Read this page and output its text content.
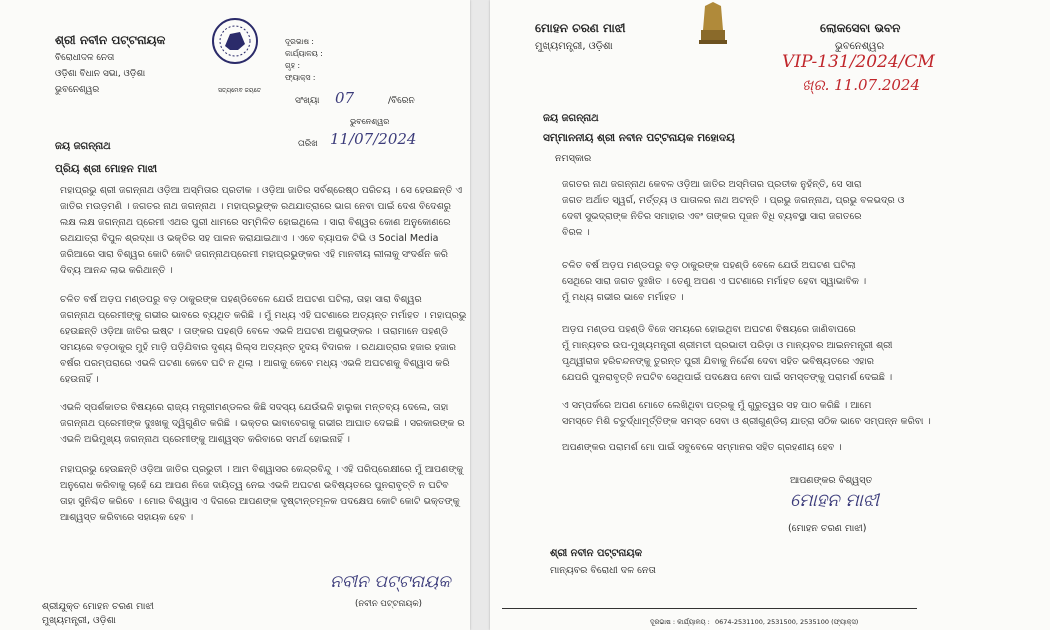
ଶ୍ରୀ ନବୀନ ପଟ୍ଟନାୟକ
ବିରୋଧୀଦଳ ନେତା
ଓଡ଼ିଶା ବିଧାନ ସଭା, ଓଡ଼ିଶା
ଭୁବନେଶ୍ୱର	ସତ୍ୟମେବ ଜୟତେ
ଦୂରଭାଷ :
କାର୍ଯ୍ୟାଳୟ :
ଗୃହ :
ଫ୍ୟାକ୍ସ :
ସଂଖ୍ୟା 07	/ବିରେନ
ଭୁବନେଶ୍ୱର
ତାରିଖ 11/07/2024
ଜୟ ଜଗନ୍ନାଥ
ପ୍ରିୟ ଶ୍ରୀ ମୋହନ ମାଝୀ
ମହାପ୍ରଭୁ ଶ୍ରୀ ଜଗନ୍ନାଥ ଓଡ଼ିଆ ଅସ୍ମିତାର ପ୍ରତୀକ । ଓଡ଼ିଆ ଜାତିର ସର୍ବଶ୍ରେଷ୍ଠ ପରିଚୟ । ସେ ହେଉଛନ୍ତି ଏ
ଜାତିର ମଉଡ଼ମଣି । ଜଗତର ନାଥ ଜଗନ୍ନାଥ । ମହାପ୍ରଭୁଙ୍କ ରଥଯାତ୍ରାରେ ଭାଗ ନେବା ପାଇଁ ଦେଶ ବିଦେଶରୁ
ଲକ୍ଷ ଲକ୍ଷ ଜଗନ୍ନାଥ ପ୍ରେମୀ ଏଥର ପୁରୀ ଧାମରେ ସମ୍ମିଳିତ ହୋଇଥିଲେ । ସାରା ବିଶ୍ୱର କୋଣ ଅନୁକୋଣରେ
ରଥଯାତ୍ରା ବିପୁଳ ଶ୍ରଦ୍ଧା ଓ ଭକ୍ତିର ସହ ପାଳନ କରାଯାଇଥାଏ । ଏବେ ବ୍ୟାପକ ଟିଭି ଓ Social Media
ଜରିଆରେ ସାରା ବିଶ୍ୱର କୋଟି କୋଟି ଜଗନ୍ନାଥପ୍ରେମୀ ମହାପ୍ରଭୁଙ୍କର ଏହି ମାନବୀୟ ଲୀଳାକୁ ସଂଦର୍ଶନ କରି
ଦିବ୍ୟ ଆନନ୍ଦ ଲାଭ କରିଥାନ୍ତି ।
ଚଳିତ ବର୍ଷ ଅଡ଼ପ ମଣ୍ଡପରୁ ବଡ଼ ଠାକୁରଙ୍କ ପହଣ୍ଡିବେଳେ ଯେଉଁ ଅଘଟଣ ଘଟିଲା, ତାହା ସାରା ବିଶ୍ୱର
ଜଗନ୍ନାଥ ପ୍ରେମୀଙ୍କୁ ଗଭୀର ଭାବରେ ବ୍ୟଥିତ କରିଛି । ମୁଁ ମଧ୍ୟ ଏହି ଘଟଣାରେ ଅତ୍ୟନ୍ତ ମର୍ମାହତ । ମହାପ୍ରଭୁ
ହେଉଛନ୍ତି ଓଡ଼ିଆ ଜାତିର ଇଷ୍ଟ । ତାଙ୍କର ପହଣ୍ଡି ବେଳେ ଏଭଳି ଅଘଟଣ ଅଶୁଭଙ୍କର । ତାରାମାନେ ପହଣ୍ଡି
ସମୟରେ ବଡ଼ଠାକୁର ମୁହଁ ମାଡ଼ି ପଡ଼ିଯିବାର ଦୃଶ୍ୟ ରିଲ୍ସ ଅତ୍ୟନ୍ତ ହୃଦୟ ବିଦାରକ । ରଥଯାତ୍ରାର ହଜାର ହଜାର
ବର୍ଷର ପରମ୍ପରାରେ ଏଭଳି ଘଟଣା କେବେ ଘଟି ନ ଥିଲା । ଆଗକୁ କେବେ ମଧ୍ୟ ଏଭଳି ଅଘଟଣକୁ ବିଶ୍ୱାସ କରି
ହେଉନାହିଁ ।
ଏଭଳି ସ୍ପର୍ଶକାତର ବିଷୟରେ ରାଜ୍ୟ ମନ୍ତ୍ରୀମଣ୍ଡଳର କିଛି ସଦସ୍ୟ ଯେଉଁଭଳି ହାଲୁକା ମନ୍ତବ୍ୟ ଦେଲେ, ତାହା
ଜଗନ୍ନାଥ ପ୍ରେମୀଙ୍କ ଦୁଃଖକୁ ଦ୍ୱିଗୁଣିତ କରିଛି । ଭକ୍ତର ଭାବାବେଗକୁ ଗଭୀର ଆଘାତ ଦେଇଛି । ସରକାରଙ୍କ ର
ଏଭଳି ଅଭିମୁଖ୍ୟ ଜଗନ୍ନାଥ ପ୍ରେମୀଙ୍କୁ ଆଶ୍ୱସ୍ତ କରିବାରେ ସମର୍ଥ ହୋଇନାହିଁ ।
ମହାପ୍ରଭୁ ହେଉଛନ୍ତି ଓଡ଼ିଆ ଜାତିର ପ୍ରଭୁତୀ । ଆମ ବିଶ୍ୱାସର କେନ୍ଦ୍ରବିନ୍ଦୁ । ଏହି ପରିପ୍ରେକ୍ଷୀରେ ମୁଁ ଆପଣଙ୍କୁ
ଅନୁରୋଧ କରିବାକୁ ଚାହେଁ ଯେ ଆପଣ ନିଜେ ଦାୟିତ୍ୱ ନେଇ ଏଭଳି ଅଘଟଣ ଭବିଷ୍ୟତରେ ପୁନରାବୃତ୍ତି ନ ଘଟିବ
ତାହା ସୁନିଶ୍ଚିତ କରିବେ । ମୋର ବିଶ୍ୱାସ ଏ ଦିଗରେ ଆପଣଙ୍କ ଦୃଷ୍ଟାନ୍ତମୂଳକ ପଦକ୍ଷେପ କୋଟି କୋଟି ଭକ୍ତଙ୍କୁ
ଆଶ୍ୱସ୍ତ କରିବାରେ ସହାୟକ ହେବ ।
ନବୀନ ପଟ୍ଟନାୟକ
(ନବୀନ ପଟ୍ଟନାୟକ)
ଶ୍ରୀଯୁକ୍ତ ମୋହନ ଚରଣ ମାଝୀ
ମୁଖ୍ୟମନ୍ତ୍ରୀ, ଓଡ଼ିଶା
ମୋହନ ଚରଣ ମାଝୀ
ମୁଖ୍ୟମନ୍ତ୍ରୀ, ଓଡ଼ିଶା
ଲୋକସେବା ଭବନ
ଭୁବନେଶ୍ୱର
VIP-131/2024/CM
ଖ୍ର. 11.07.2024
ଜୟ ଜଗନ୍ନାଥ
ସମ୍ମାନନୀୟ ଶ୍ରୀ ନବୀନ ପଟ୍ଟନାୟକ ମହୋଦୟ
ନମସ୍କାର
ଜଗତର ନାଥ ଜଗନ୍ନାଥ କେବଳ ଓଡ଼ିଆ ଜାତିର ଅସ୍ମିତାର ପ୍ରତୀକ ନୁହଁନ୍ତି, ସେ ସାରା
ଜଗତ ଅର୍ଥାତ ସ୍ୱର୍ଗ, ମର୍ତ୍ତ୍ୟ ଓ ପାତାଳର ନାଥ ଅଟନ୍ତି । ପ୍ରଭୁ ଜଗନ୍ନାଥ, ପ୍ରଭୁ ବଳଭଦ୍ର ଓ
ଦେବୀ ସୁଭଦ୍ରାଙ୍କ ନିତିର ସମାହାର ଏବଂ ତାଙ୍କର ପୂଜନ ବିଧି ବ୍ୟବସ୍ଥା ସାରା ଜଗତରେ
ବିରଳ ।
ଚଳିତ ବର୍ଷ ଅଡ଼ପ ମଣ୍ଡପରୁ ବଡ଼ ଠାକୁରଙ୍କ ପହଣ୍ଡି ବେଳେ ଯେଉଁ ଅଘଟଣ ଘଟିଲା
ସେଥିରେ ସାରା ଜଗତ ଦୁଃଖିତ । ତେଣୁ ଅପଣ ଏ ଘଟଣାରେ ମର୍ମାହତ ହେବା ସ୍ୱାଭାବିକ ।
ମୁଁ ମଧ୍ୟ ଗଭୀର ଭାବେ ମର୍ମାହତ ।
ଅଡ଼ପ ମଣ୍ଡପ ପହଣ୍ଡି ବିଜେ ସମୟରେ ହୋଇଥିବା ଅଘଟଣ ବିଷୟରେ ଜାଣିବାପରେ
ମୁଁ ମାନ୍ୟବର ଉପ-ମୁଖ୍ୟମନ୍ତ୍ରୀ ଶ୍ରୀମତୀ ପ୍ରଭାତୀ ପରିଡ଼ା ଓ ମାନ୍ୟବର ଆଇନମନ୍ତ୍ରୀ ଶ୍ରୀ
ପୃଥ୍ୱୀରାଜ ହରିଚନ୍ଦନଙ୍କୁ ତୁରନ୍ତ ପୁରୀ ଯିବାକୁ ନିର୍ଦ୍ଦେଶ ଦେବା ସହିତ ଭବିଷ୍ୟତରେ ଏହାର
ଯେପରି ପୁନରାବୃତ୍ତି ନଘଟିବ ସେଥିପାଇଁ ପଦକ୍ଷେପ ନେବା ପାଇଁ ସମସ୍ତଙ୍କୁ ପରାମର୍ଶ ଦେଇଛି ।
ଏ ସମ୍ପର୍କରେ ଅପଣ ମୋତେ ଲେଖିଥିବା ପତ୍ରକୁ ମୁଁ ଗୁରୁତ୍ୱର ସହ ପାଠ କରିଛି । ଆମେ
ସମସ୍ତେ ମିଶି ଚତୁର୍ଦ୍ଧାମୂର୍ତ୍ତିଙ୍କ ସମସ୍ତ ସେବା ଓ ଶ୍ରୀଗୁଣ୍ଡିଚା ଯାତ୍ରା ସଠିକ ଭାବେ ସମ୍ପନ୍ନ କରିବା ।
ଅପଣଙ୍କର ପରାମର୍ଶ ମୋ ପାଇଁ ସବୁବେଳେ ସମ୍ମାନର ସହିତ ଗ୍ରହଣୀୟ ହେବ ।
ଆପଣଙ୍କର ବିଶ୍ୱସ୍ତ
ମୋହନ ମାଝୀ
(ମୋହନ ଚରଣ ମାଝୀ)
ଶ୍ରୀ ନବୀନ ପଟ୍ଟନାୟକ
ମାନ୍ୟବର ବିରୋଧୀ ଦଳ ନେତା
ଦୂରଭାଷ : କାର୍ଯ୍ୟାଳୟ : 0674-2531100, 2531500, 2535100 (ଫ୍ୟାକ୍ସ)
